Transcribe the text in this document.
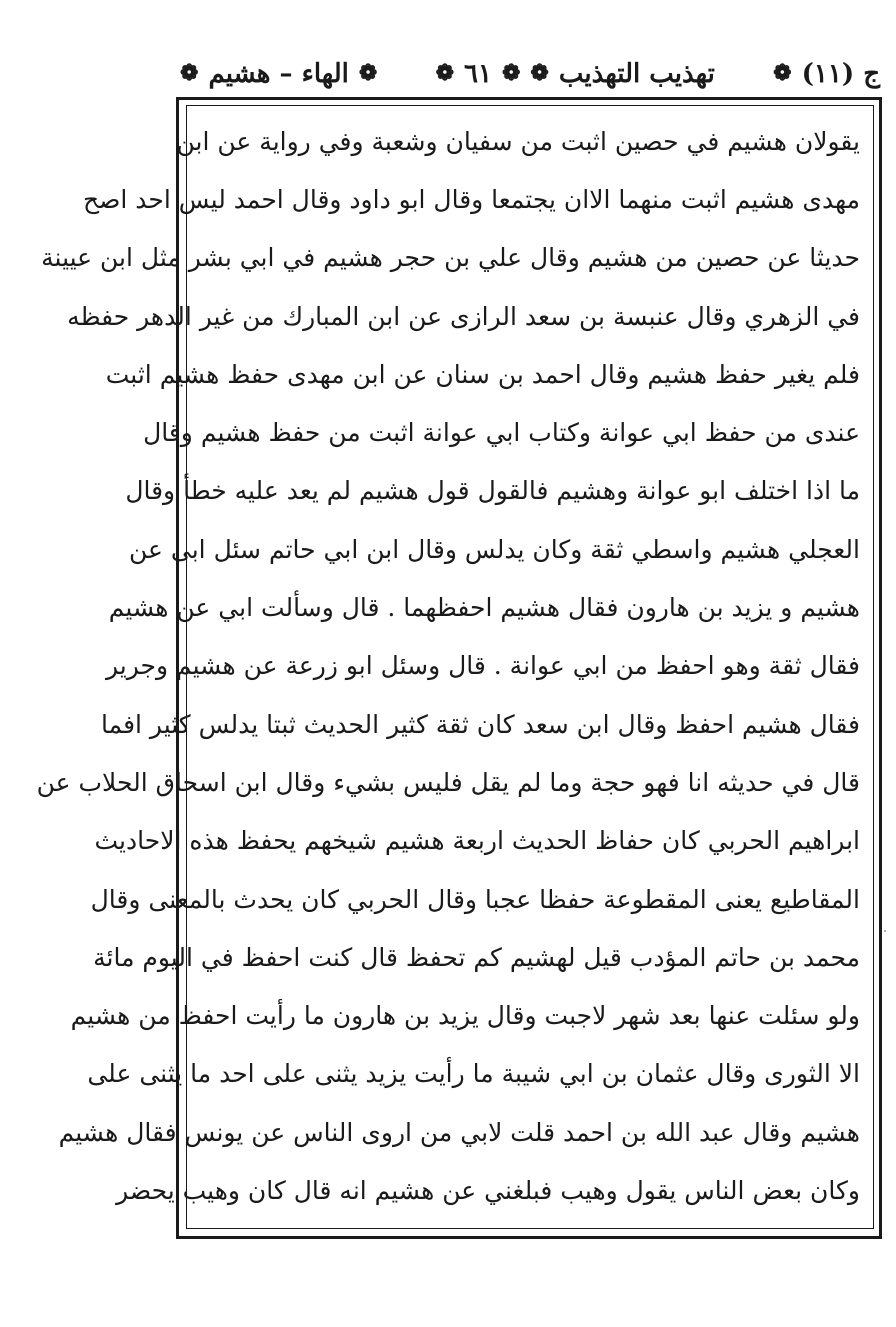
ج (١١)
❁
تهذيب التهذيب
❁
❁
٦١
❁
❁
الهاء – هشيم
❁
يقولان هشيم في حصين اثبت من سفيان وشعبة وفي رواية عن ابن
مهدى هشيم اثبت منهما الاان يجتمعا وقال ابو داود وقال احمد ليس احد اصح
حديثا عن حصين من هشيم وقال علي بن حجر هشيم في ابي بشر مثل ابن عيينة
في الزهري وقال عنبسة بن سعد الرازى عن ابن المبارك من غير الدهر حفظه
فلم يغير حفظ هشيم وقال احمد بن سنان عن ابن مهدى حفظ هشيم اثبت
عندى من حفظ ابي عوانة وكتاب ابي عوانة اثبت من حفظ هشيم وقال
ما اذا اختلف ابو عوانة وهشيم فالقول قول هشيم لم يعد عليه خطأ وقال
العجلي هشيم واسطي ثقة وكان يدلس وقال ابن ابي حاتم سئل ابى عن
هشيم و يزيد بن هارون فقال هشيم احفظهما . قال وسألت ابي عن هشيم
فقال ثقة وهو احفظ من ابي عوانة . قال وسئل ابو زرعة عن هشيم وجرير
فقال هشيم احفظ وقال ابن سعد كان ثقة كثير الحديث ثبتا يدلس كثير افما
قال في حديثه انا فهو حجة وما لم يقل فليس بشيء وقال ابن اسحاق الحلاب عن
ابراهيم الحربي كان حفاظ الحديث اربعة هشيم شيخهم يحفظ هذه الاحاديث
المقاطيع يعنى المقطوعة حفظا عجبا وقال الحربي كان يحدث بالمعنى وقال
محمد بن حاتم المؤدب قيل لهشيم كم تحفظ قال كنت احفظ في اليوم مائة
ولو سئلت عنها بعد شهر لاجبت وقال يزيد بن هارون ما رأيت احفظ من هشيم
الا الثورى وقال عثمان بن ابي شيبة ما رأيت يزيد يثنى على احد ما يثنى على
هشيم وقال عبد الله بن احمد قلت لابي من اروى الناس عن يونس فقال هشيم
وكان بعض الناس يقول وهيب فبلغني عن هشيم انه قال كان وهيب يحضر
